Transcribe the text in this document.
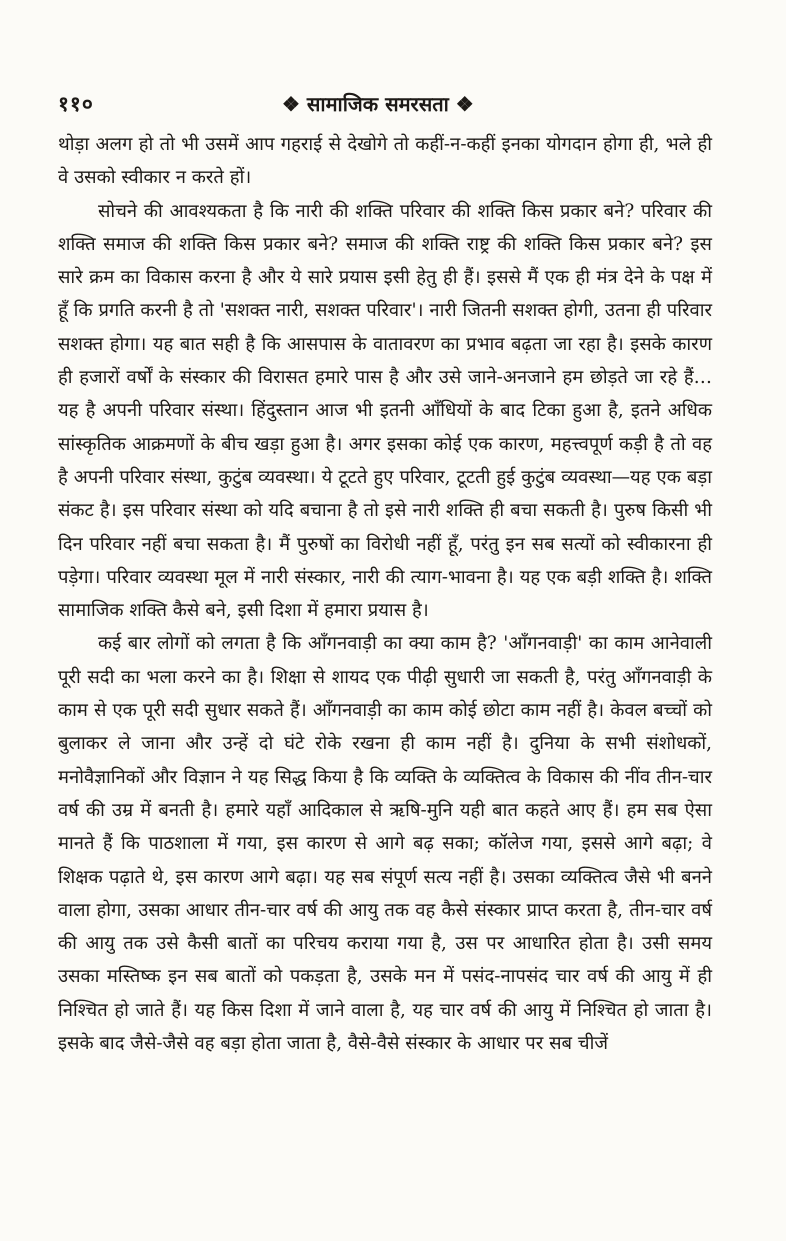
११०	❖ सामाजिक समरसता ❖

थोड़ा अलग हो तो भी उसमें आप गहराई से देखोगे तो कहीं-न-कहीं इनका योगदान होगा ही, भले ही वे उसको स्वीकार न करते हों।

सोचने की आवश्यकता है कि नारी की शक्ति परिवार की शक्ति किस प्रकार बने? परिवार की शक्ति समाज की शक्ति किस प्रकार बने? समाज की शक्ति राष्ट्र की शक्ति किस प्रकार बने? इस सारे क्रम का विकास करना है और ये सारे प्रयास इसी हेतु ही हैं। इससे मैं एक ही मंत्र देने के पक्ष में हूँ कि प्रगति करनी है तो 'सशक्त नारी, सशक्त परिवार'। नारी जितनी सशक्त होगी, उतना ही परिवार सशक्त होगा। यह बात सही है कि आसपास के वातावरण का प्रभाव बढ़ता जा रहा है। इसके कारण ही हजारों वर्षों के संस्कार की विरासत हमारे पास है और उसे जाने-अनजाने हम छोड़ते जा रहे हैं…यह है अपनी परिवार संस्था। हिंदुस्तान आज भी इतनी आँधियों के बाद टिका हुआ है, इतने अधिक सांस्कृतिक आक्रमणों के बीच खड़ा हुआ है। अगर इसका कोई एक कारण, महत्त्वपूर्ण कड़ी है तो वह है अपनी परिवार संस्था, कुटुंब व्यवस्था। ये टूटते हुए परिवार, टूटती हुई कुटुंब व्यवस्था—यह एक बड़ा संकट है। इस परिवार संस्था को यदि बचाना है तो इसे नारी शक्ति ही बचा सकती है। पुरुष किसी भी दिन परिवार नहीं बचा सकता है। मैं पुरुषों का विरोधी नहीं हूँ, परंतु इन सब सत्यों को स्वीकारना ही पड़ेगा। परिवार व्यवस्था मूल में नारी संस्कार, नारी की त्याग-भावना है। यह एक बड़ी शक्ति है। शक्ति सामाजिक शक्ति कैसे बने, इसी दिशा में हमारा प्रयास है।

कई बार लोगों को लगता है कि आँगनवाड़ी का क्या काम है? 'आँगनवाड़ी' का काम आनेवाली पूरी सदी का भला करने का है। शिक्षा से शायद एक पीढ़ी सुधारी जा सकती है, परंतु आँगनवाड़ी के काम से एक पूरी सदी सुधार सकते हैं। आँगनवाड़ी का काम कोई छोटा काम नहीं है। केवल बच्चों को बुलाकर ले जाना और उन्हें दो घंटे रोके रखना ही काम नहीं है। दुनिया के सभी संशोधकों, मनोवैज्ञानिकों और विज्ञान ने यह सिद्ध किया है कि व्यक्ति के व्यक्तित्व के विकास की नींव तीन-चार वर्ष की उम्र में बनती है। हमारे यहाँ आदिकाल से ऋषि-मुनि यही बात कहते आए हैं। हम सब ऐसा मानते हैं कि पाठशाला में गया, इस कारण से आगे बढ़ सका; कॉलेज गया, इससे आगे बढ़ा; वे शिक्षक पढ़ाते थे, इस कारण आगे बढ़ा। यह सब संपूर्ण सत्य नहीं है। उसका व्यक्तित्व जैसे भी बनने वाला होगा, उसका आधार तीन-चार वर्ष की आयु तक वह कैसे संस्कार प्राप्त करता है, तीन-चार वर्ष की आयु तक उसे कैसी बातों का परिचय कराया गया है, उस पर आधारित होता है। उसी समय उसका मस्तिष्क इन सब बातों को पकड़ता है, उसके मन में पसंद-नापसंद चार वर्ष की आयु में ही निश्चित हो जाते हैं। यह किस दिशा में जाने वाला है, यह चार वर्ष की आयु में निश्चित हो जाता है। इसके बाद जैसे-जैसे वह बड़ा होता जाता है, वैसे-वैसे संस्कार के आधार पर सब चीजें
